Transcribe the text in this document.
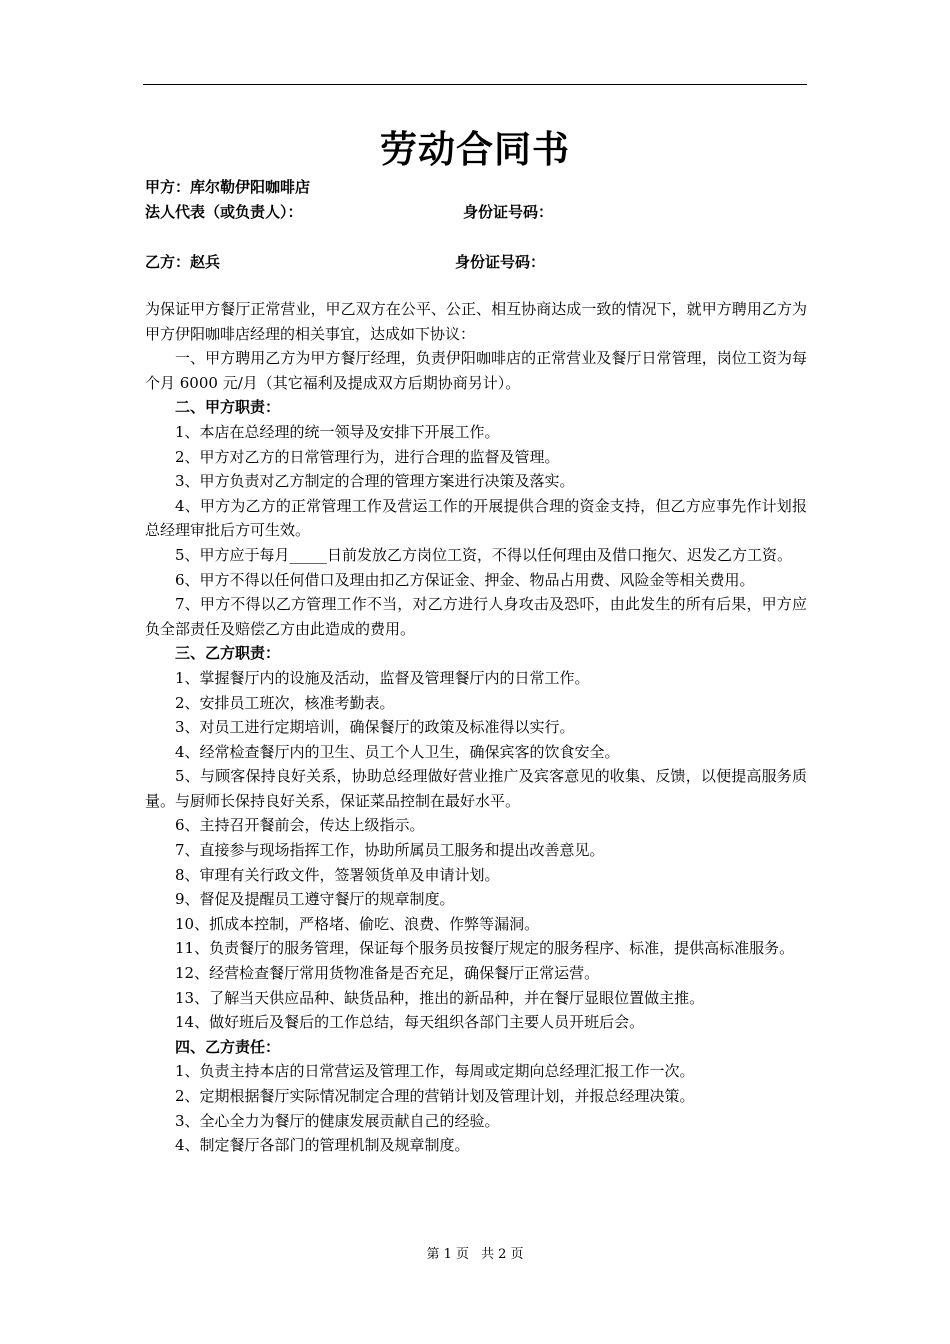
劳动合同书
甲方：库尔勒伊阳咖啡店
法人代表（或负责人）：	身份证号码：
乙方：赵兵	身份证号码：

为保证甲方餐厅正常营业，甲乙双方在公平、公正、相互协商达成一致的情况下，就甲方聘用乙方为甲方伊阳咖啡店经理的相关事宜，达成如下协议：

一、甲方聘用乙方为甲方餐厅经理，负责伊阳咖啡店的正常营业及餐厅日常管理，岗位工资为每个月 6000 元/月（其它福利及提成双方后期协商另计）。

二、甲方职责：

1、本店在总经理的统一领导及安排下开展工作。

2、甲方对乙方的日常管理行为，进行合理的监督及管理。

3、甲方负责对乙方制定的合理的管理方案进行决策及落实。

4、甲方为乙方的正常管理工作及营运工作的开展提供合理的资金支持，但乙方应事先作计划报总经理审批后方可生效。

5、甲方应于每月_____日前发放乙方岗位工资，不得以任何理由及借口拖欠、迟发乙方工资。

6、甲方不得以任何借口及理由扣乙方保证金、押金、物品占用费、风险金等相关费用。

7、甲方不得以乙方管理工作不当，对乙方进行人身攻击及恐吓，由此发生的所有后果，甲方应负全部责任及赔偿乙方由此造成的费用。

三、乙方职责：

1、掌握餐厅内的设施及活动，监督及管理餐厅内的日常工作。

2、安排员工班次，核准考勤表。

3、对员工进行定期培训，确保餐厅的政策及标准得以实行。

4、经常检查餐厅内的卫生、员工个人卫生，确保宾客的饮食安全。

5、与顾客保持良好关系，协助总经理做好营业推广及宾客意见的收集、反馈，以便提高服务质量。与厨师长保持良好关系，保证菜品控制在最好水平。

6、主持召开餐前会，传达上级指示。

7、直接参与现场指挥工作，协助所属员工服务和提出改善意见。

8、审理有关行政文件，签署领货单及申请计划。

9、督促及提醒员工遵守餐厅的规章制度。

10、抓成本控制，严格堵、偷吃、浪费、作弊等漏洞。

11、负责餐厅的服务管理，保证每个服务员按餐厅规定的服务程序、标准，提供高标准服务。

12、经营检查餐厅常用货物准备是否充足，确保餐厅正常运营。

13、了解当天供应品种、缺货品种，推出的新品种，并在餐厅显眼位置做主推。

14、做好班后及餐后的工作总结，每天组织各部门主要人员开班后会。

四、乙方责任：

1、负责主持本店的日常营运及管理工作，每周或定期向总经理汇报工作一次。

2、定期根据餐厅实际情况制定合理的营销计划及管理计划，并报总经理决策。

3、全心全力为餐厅的健康发展贡献自己的经验。

4、制定餐厅各部门的管理机制及规章制度。

第 1 页 共 2 页
